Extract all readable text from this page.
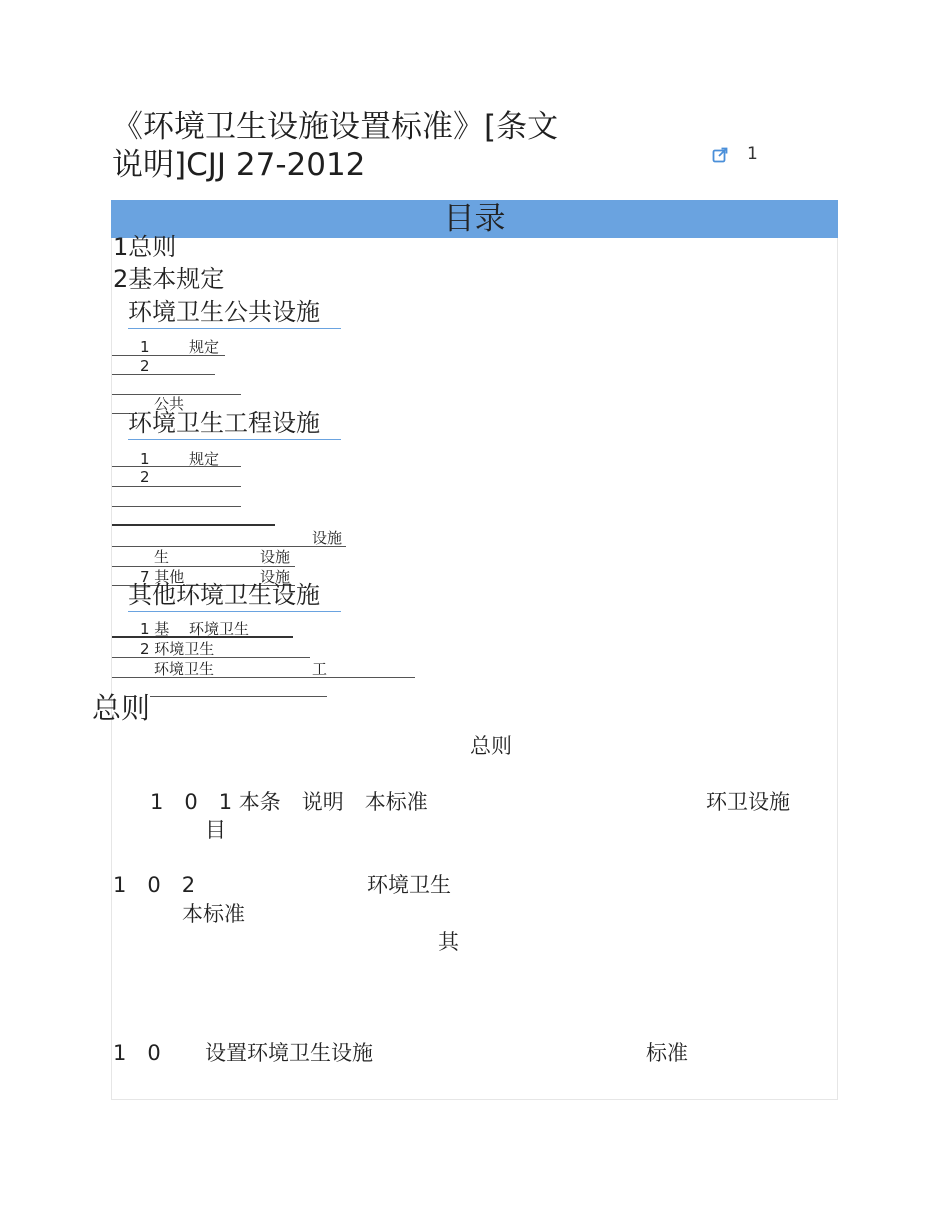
《环境卫生设施设置标准》[条文说明]CJJ 27-2012	1
目录
1总则
2基本规定
环境卫生公共设施
1	规定
2
公共
环境卫生工程设施
1	规定
2
设施
生	设施
7 其他	设施
其他环境卫生设施
1 基 环境卫生
2 环境卫生
环境卫生	工
总则
总则
1　0　1 本条　说明　本标准	环卫设施
目
1　0　2	环境卫生
本标准
其
1　0 设置环境卫生设施	标准
